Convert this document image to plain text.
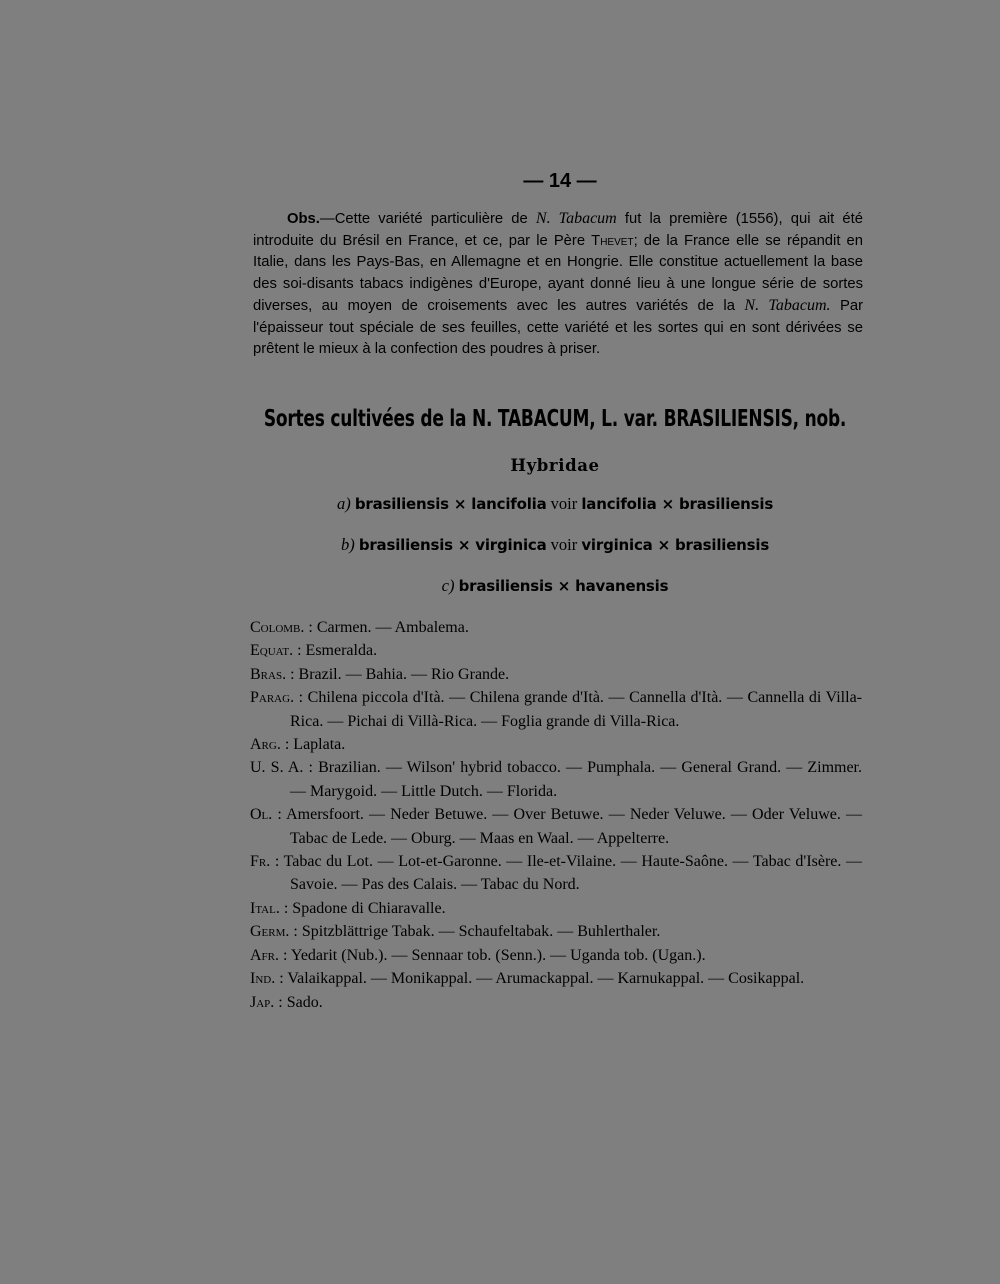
— 14 —

Obs.—Cette variété particulière de N. Tabacum fut la première (1556), qui ait été introduite du Brésil en France, et ce, par le Père Thevet; de la France elle se répandit en Italie, dans les Pays-Bas, en Allemagne et en Hongrie. Elle constitue actuellement la base des soi-disants tabacs indigènes d'Europe, ayant donné lieu à une longue série de sortes diverses, au moyen de croisements avec les autres variétés de la N. Tabacum. Par l'épaisseur tout spéciale de ses feuilles, cette variété et les sortes qui en sont dérivées se prêtent le mieux à la confection des poudres à priser.

Sortes cultivées de la N. TABACUM, L. var. BRASILIENSIS, nob.
Hybridae
a) brasiliensis × lancifolia voir lancifolia × brasiliensis
b) brasiliensis × virginica voir virginica × brasiliensis
c) brasiliensis × havanensis
Colomb. : Carmen. — Ambalema.
Equat. : Esmeralda.
Bras. : Brazil. — Bahia. — Rio Grande.
Parag. : Chilena piccola d'Ità. — Chilena grande d'Ità. — Cannella d'Ità. — Cannella di Villa-Rica. — Pichai di Villà-Rica. — Foglia grande di Villa-Rica.
Arg. : Laplata.
U. S. A. : Brazilian. — Wilson' hybrid tobacco. — Pumphala. — General Grand. — Zimmer. — Marygoid. — Little Dutch. — Florida.
Ol. : Amersfoort. — Neder Betuwe. — Over Betuwe. — Neder Veluwe. — Oder Veluwe. — Tabac de Lede. — Oburg. — Maas en Waal. — Appelterre.
Fr. : Tabac du Lot. — Lot-et-Garonne. — Ile-et-Vilaine. — Haute-Saône. — Tabac d'Isère. — Savoie. — Pas des Calais. — Tabac du Nord.
Ital. : Spadone di Chiaravalle.
Germ. : Spitzblättrige Tabak. — Schaufeltabak. — Buhlerthaler.
Afr. : Yedarit (Nub.). — Sennaar tob. (Senn.). — Uganda tob. (Ugan.).
Ind. : Valaikappal. — Monikappal. — Arumackappal. — Karnukappal. — Cosikappal.
Jap. : Sado.
